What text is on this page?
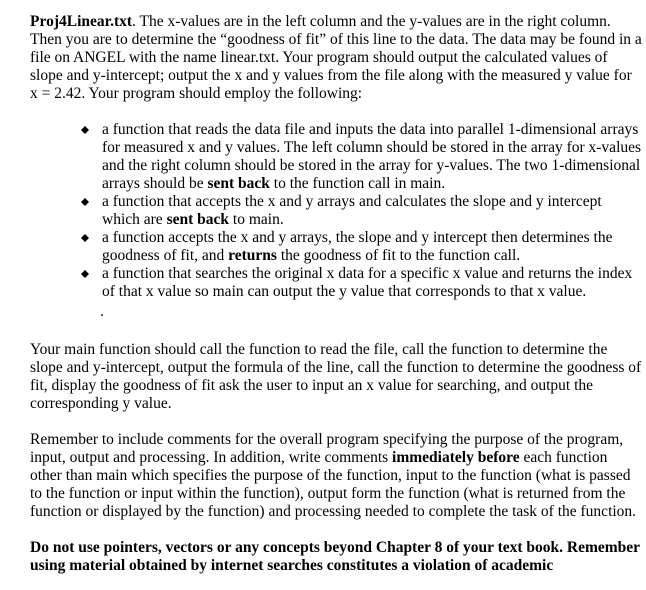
Proj4Linear.txt. The x-values are in the left column and the y-values are in the right column. Then you are to determine the “goodness of fit” of this line to the data. The data may be found in a file on ANGEL with the name linear.txt. Your program should output the calculated values of slope and y-intercept; output the x and y values from the file along with the measured y value for x = 2.42. Your program should employ the following:

a function that reads the data file and inputs the data into parallel 1-dimensional arrays for measured x and y values. The left column should be stored in the array for x-values and the right column should be stored in the array for y-values. The two 1-dimensional arrays should be sent back to the function call in main.
a function that accepts the x and y arrays and calculates the slope and y intercept which are sent back to main.
a function accepts the x and y arrays, the slope and y intercept then determines the goodness of fit, and returns the goodness of fit to the function call.
a function that searches the original x data for a specific x value and returns the index of that x value so main can output the y value that corresponds to that x value.
.

Your main function should call the function to read the file, call the function to determine the slope and y-intercept, output the formula of the line, call the function to determine the goodness of fit, display the goodness of fit ask the user to input an x value for searching, and output the corresponding y value.

Remember to include comments for the overall program specifying the purpose of the program, input, output and processing. In addition, write comments immediately before each function other than main which specifies the purpose of the function, input to the function (what is passed to the function or input within the function), output form the function (what is returned from the function or displayed by the function) and processing needed to complete the task of the function.

Do not use pointers, vectors or any concepts beyond Chapter 8 of your text book. Remember using material obtained by internet searches constitutes a violation of academic
